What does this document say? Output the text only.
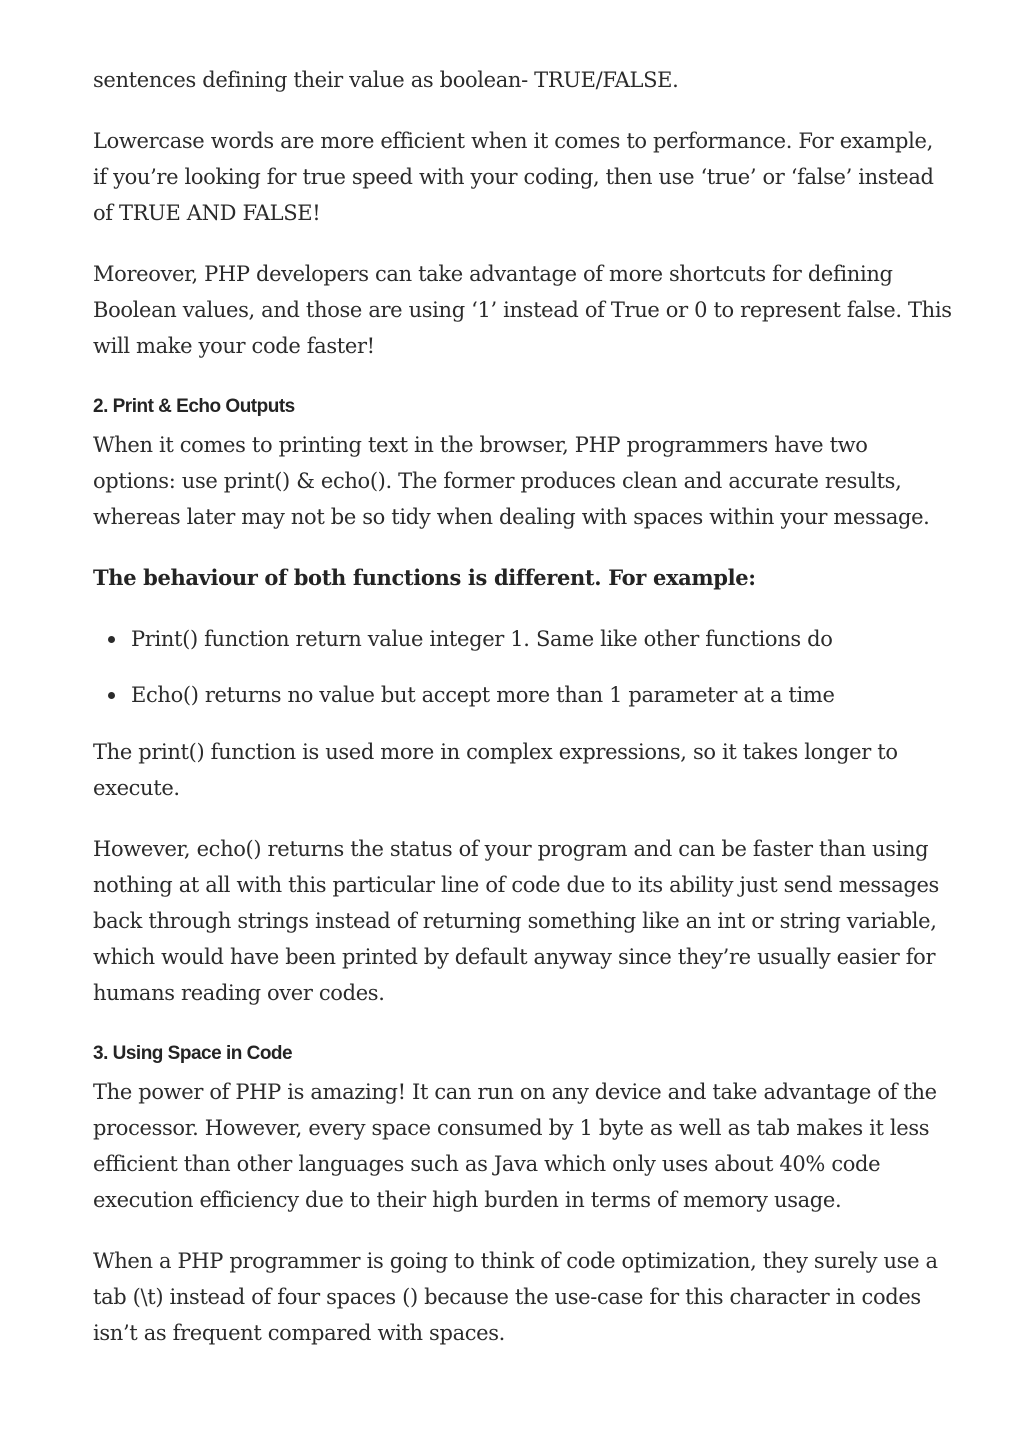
sentences defining their value as boolean- TRUE/FALSE.

Lowercase words are more efficient when it comes to performance. For example, if you’re looking for true speed with your coding, then use ‘true’ or ‘false’ instead of TRUE AND FALSE!

Moreover, PHP developers can take advantage of more shortcuts for defining Boolean values, and those are using ‘1’ instead of True or 0 to represent false. This will make your code faster!

2. Print & Echo Outputs

When it comes to printing text in the browser, PHP programmers have two options: use print() & echo(). The former produces clean and accurate results, whereas later may not be so tidy when dealing with spaces within your message.

The behaviour of both functions is different. For example:

Print() function return value integer 1. Same like other functions do
Echo() returns no value but accept more than 1 parameter at a time

The print() function is used more in complex expressions, so it takes longer to execute.

However, echo() returns the status of your program and can be faster than using nothing at all with this particular line of code due to its ability just send messages back through strings instead of returning something like an int or string variable, which would have been printed by default anyway since they’re usually easier for humans reading over codes.

3. Using Space in Code

The power of PHP is amazing! It can run on any device and take advantage of the processor. However, every space consumed by 1 byte as well as tab makes it less efficient than other languages such as Java which only uses about 40% code execution efficiency due to their high burden in terms of memory usage.

When a PHP programmer is going to think of code optimization, they surely use a tab (\t) instead of four spaces () because the use-case for this character in codes isn’t as frequent compared with spaces.
